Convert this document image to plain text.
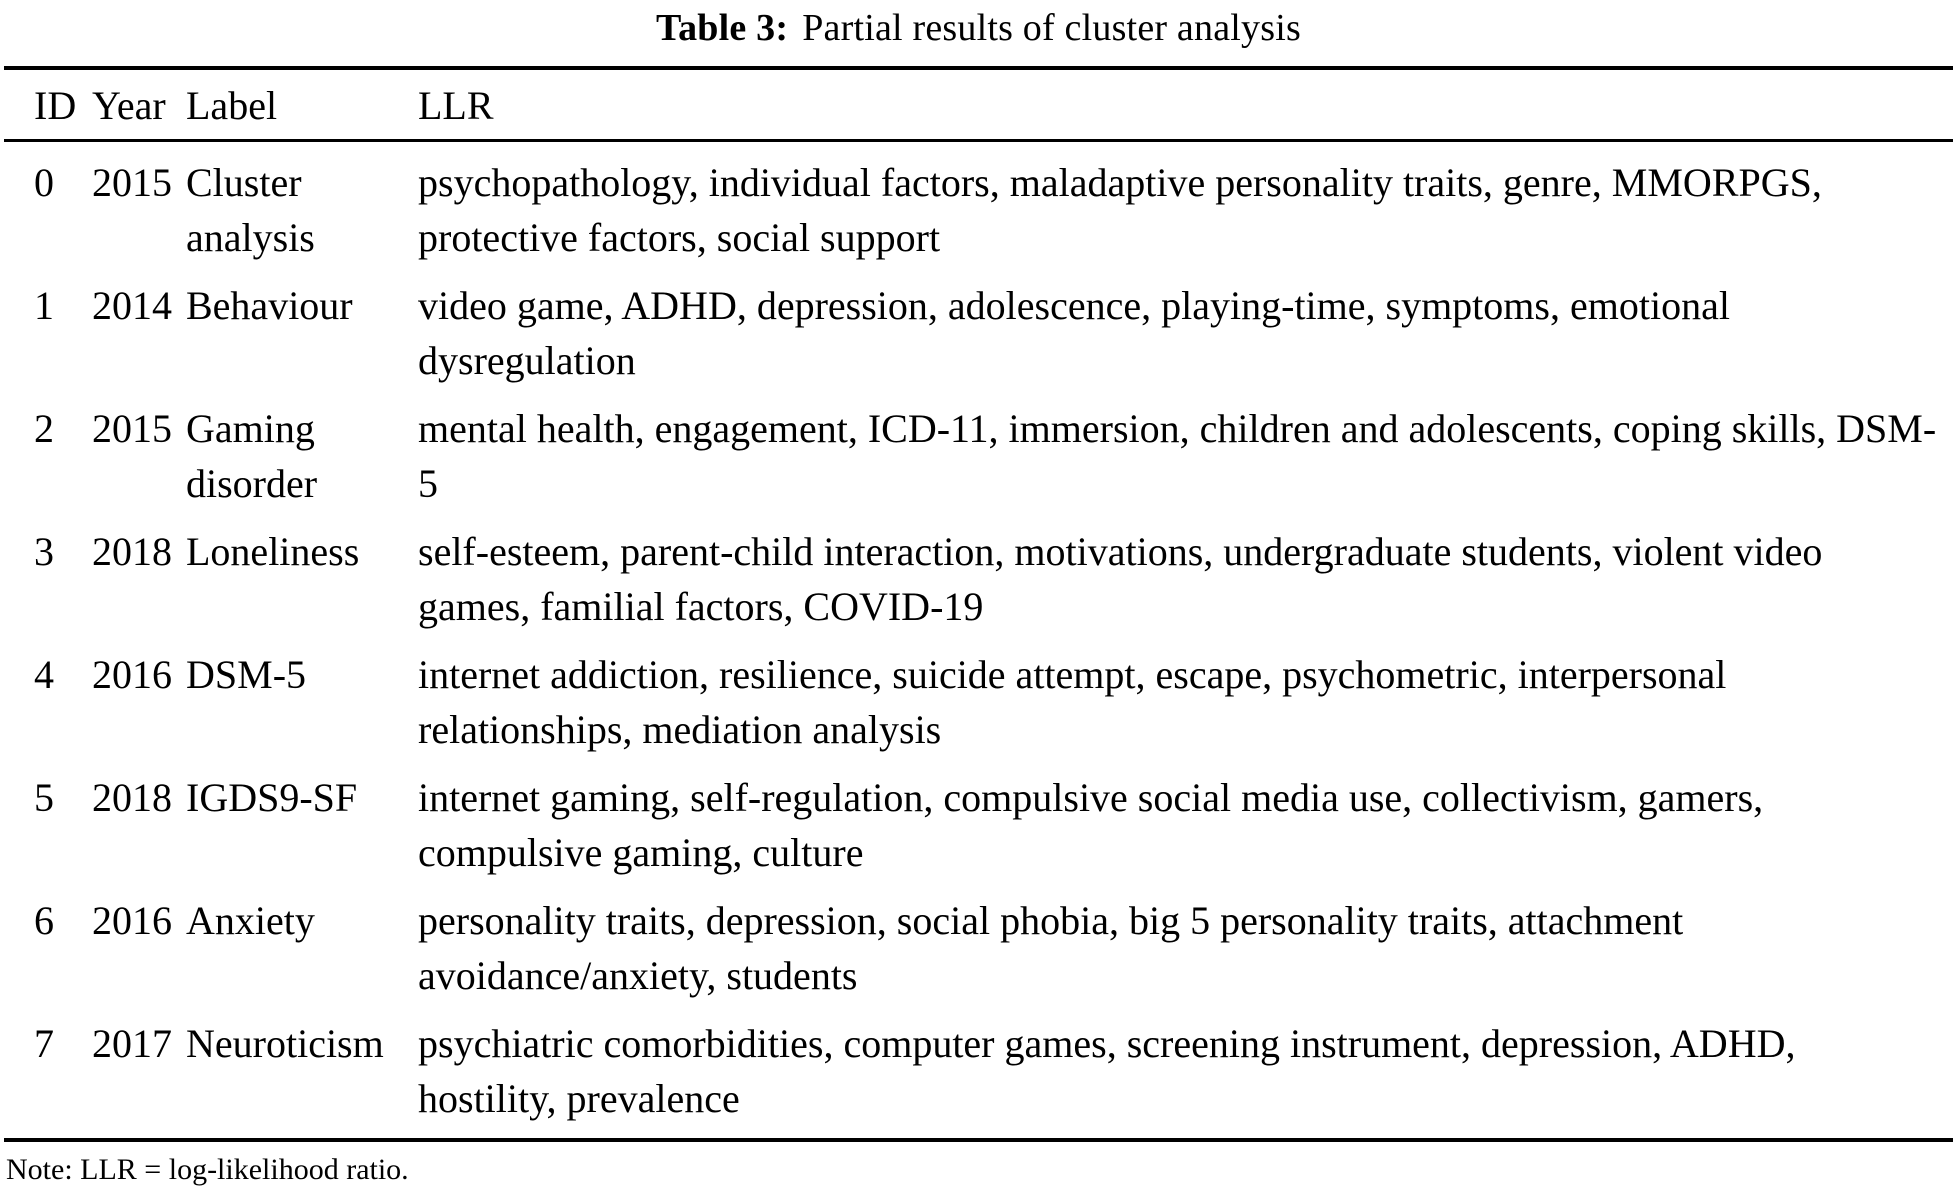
Table 3: Partial results of cluster analysis
ID	Year	Label	LLR
0	2015	Cluster analysis	psychopathology, individual factors, maladaptive personality traits, genre, MMORPGS, protective factors, social support
1	2014	Behaviour	video game, ADHD, depression, adolescence, playing-time, symptoms, emotional dysregulation
2	2015	Gaming disorder	mental health, engagement, ICD-11, immersion, children and adolescents, coping skills, DSM-5
3	2018	Loneliness	self-esteem, parent-child interaction, motivations, undergraduate students, violent video games, familial factors, COVID-19
4	2016	DSM-5	internet addiction, resilience, suicide attempt, escape, psychometric, interpersonal relationships, mediation analysis
5	2018	IGDS9-SF	internet gaming, self-regulation, compulsive social media use, collectivism, gamers, compulsive gaming, culture
6	2016	Anxiety	personality traits, depression, social phobia, big 5 personality traits, attachment avoidance/anxiety, students
7	2017	Neuroticism	psychiatric comorbidities, computer games, screening instrument, depression, ADHD, hostility, prevalence
Note: LLR = log-likelihood ratio.
